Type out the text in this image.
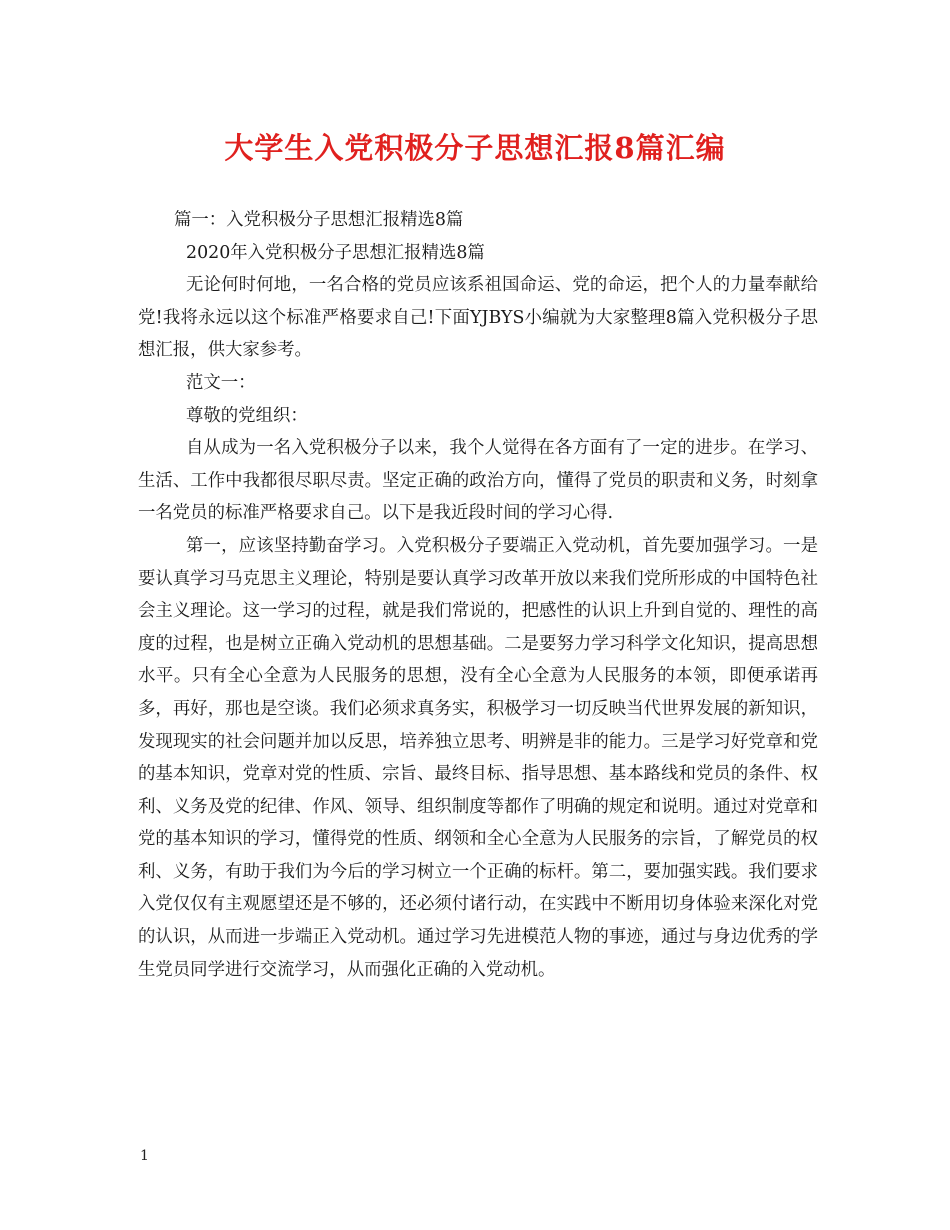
大学生入党积极分子思想汇报8篇汇编

篇一：入党积极分子思想汇报精选8篇

2020年入党积极分子思想汇报精选8篇

无论何时何地，一名合格的党员应该系祖国命运、党的命运，把个人的力量奉献给党!我将永远以这个标准严格要求自己!下面YJBYS小编就为大家整理8篇入党积极分子思想汇报，供大家参考。

范文一：

尊敬的党组织：

自从成为一名入党积极分子以来，我个人觉得在各方面有了一定的进步。在学习、生活、工作中我都很尽职尽责。坚定正确的政治方向，懂得了党员的职责和义务，时刻拿一名党员的标准严格要求自己。以下是我近段时间的学习心得.

第一，应该坚持勤奋学习。入党积极分子要端正入党动机，首先要加强学习。一是要认真学习马克思主义理论，特别是要认真学习改革开放以来我们党所形成的中国特色社会主义理论。这一学习的过程，就是我们常说的，把感性的认识上升到自觉的、理性的高度的过程，也是树立正确入党动机的思想基础。二是要努力学习科学文化知识，提高思想水平。只有全心全意为人民服务的思想，没有全心全意为人民服务的本领，即便承诺再多，再好，那也是空谈。我们必须求真务实，积极学习一切反映当代世界发展的新知识，发现现实的社会问题并加以反思，培养独立思考、明辨是非的能力。三是学习好党章和党的基本知识，党章对党的性质、宗旨、最终目标、指导思想、基本路线和党员的条件、权利、义务及党的纪律、作风、领导、组织制度等都作了明确的规定和说明。通过对党章和党的基本知识的学习，懂得党的性质、纲领和全心全意为人民服务的宗旨，了解党员的权利、义务，有助于我们为今后的学习树立一个正确的标杆。第二，要加强实践。我们要求入党仅仅有主观愿望还是不够的，还必须付诸行动，在实践中不断用切身体验来深化对党的认识，从而进一步端正入党动机。通过学习先进模范人物的事迹，通过与身边优秀的学生党员同学进行交流学习，从而强化正确的入党动机。

1
